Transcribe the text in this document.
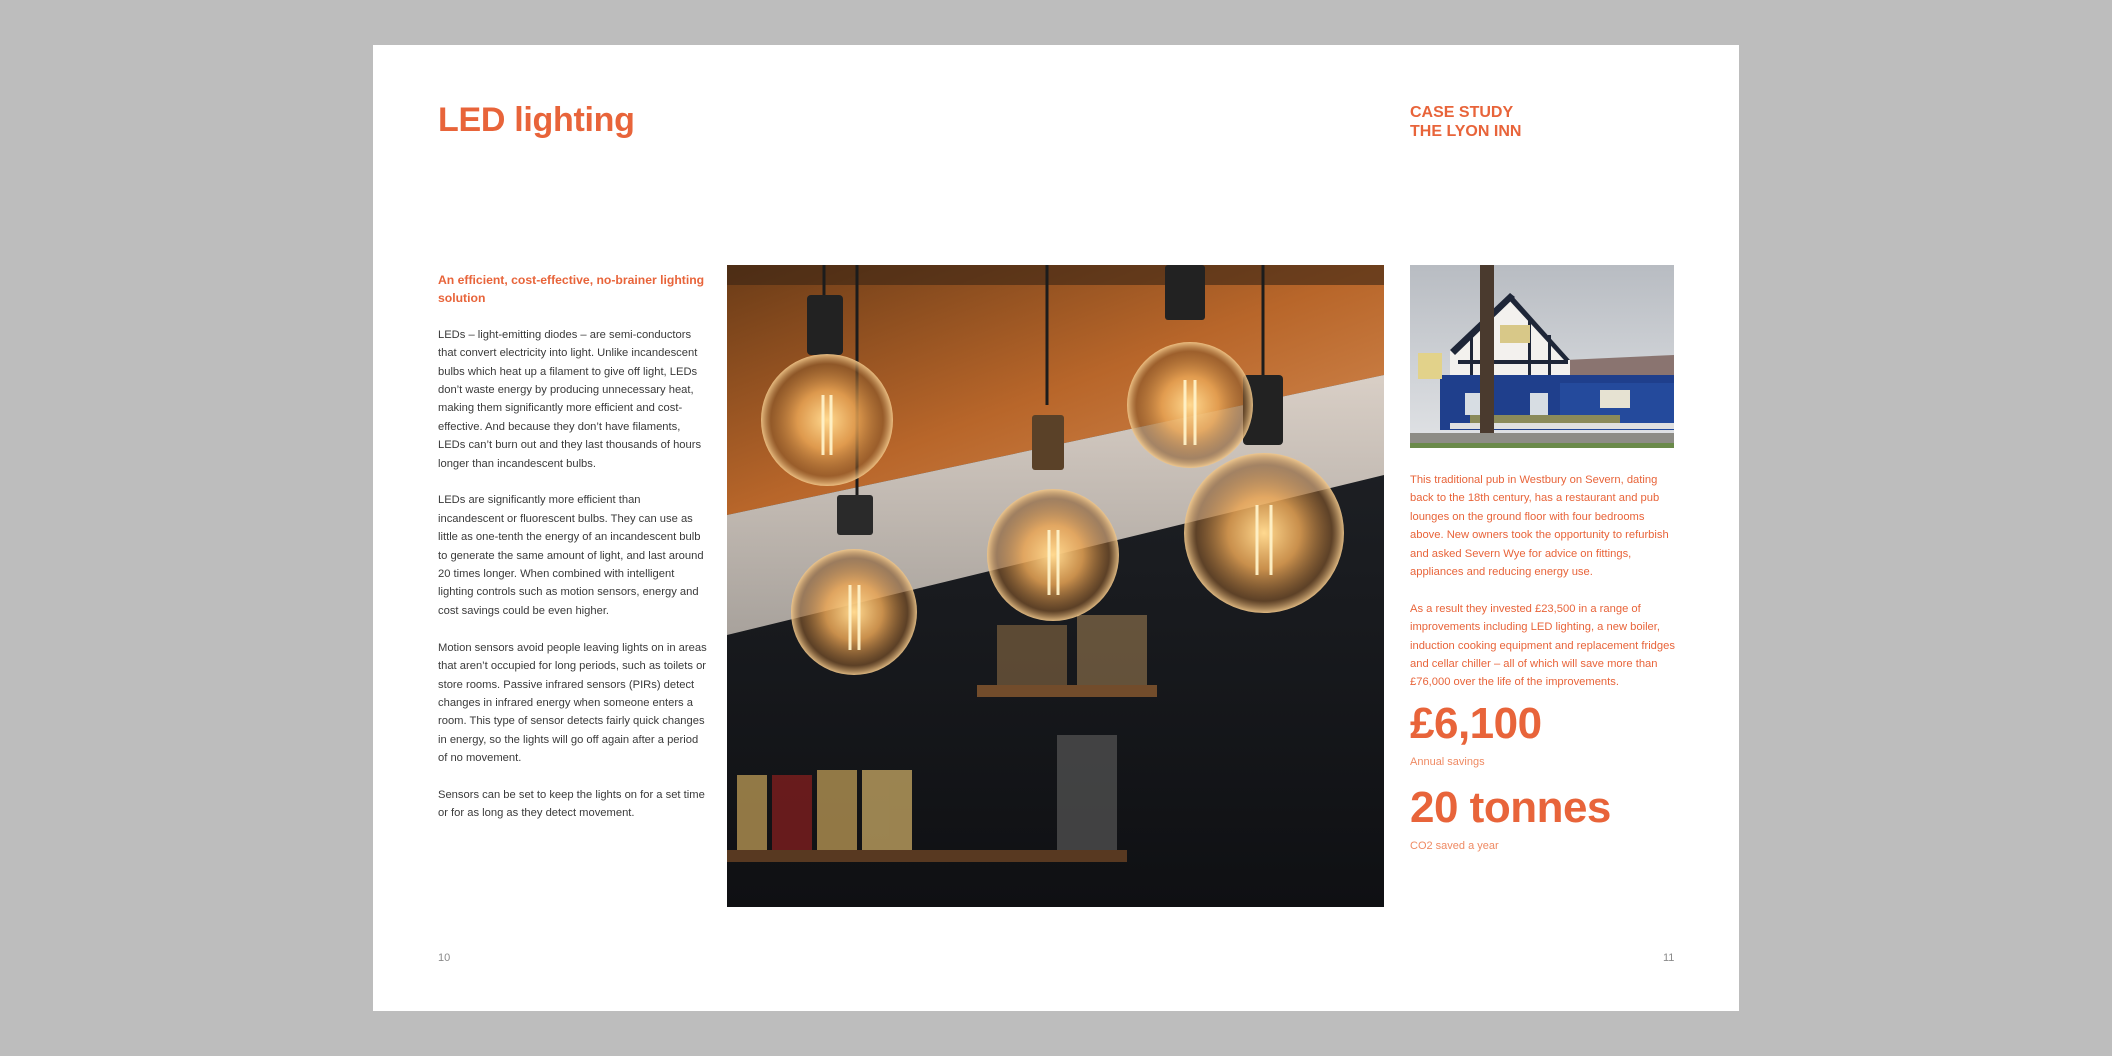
LED lighting	CASE STUDY
THE LYON INN
An efficient, cost-effective, no-brainer lighting solution

LEDs – light-emitting diodes – are semi-conductors that convert electricity into light. Unlike incandescent bulbs which heat up a filament to give off light, LEDs don’t waste energy by producing unnecessary heat, making them significantly more efficient and cost-effective. And because they don’t have filaments, LEDs can’t burn out and they last thousands of hours longer than incandescent bulbs.

LEDs are significantly more efficient than incandescent or fluorescent bulbs. They can use as little as one-tenth the energy of an incandescent bulb to generate the same amount of light, and last around 20 times longer. When combined with intelligent lighting controls such as motion sensors, energy and cost savings could be even higher.

Motion sensors avoid people leaving lights on in areas that aren’t occupied for long periods, such as toilets or store rooms. Passive infrared sensors (PIRs) detect changes in infrared energy when someone enters a room. This type of sensor detects fairly quick changes in energy, so the lights will go off again after a period of no movement.

Sensors can be set to keep the lights on for a set time or for as long as they detect movement.

This traditional pub in Westbury on Severn, dating back to the 18th century, has a restaurant and pub lounges on the ground floor with four bedrooms above. New owners took the opportunity to refurbish and asked Severn Wye for advice on fittings, appliances and reducing energy use.

As a result they invested £23,500 in a range of improvements including LED lighting, a new boiler, induction cooking equipment and replacement fridges and cellar chiller – all of which will save more than £76,000 over the life of the improvements.

£6,100
Annual savings
20 tonnes
CO2 saved a year
10	11
